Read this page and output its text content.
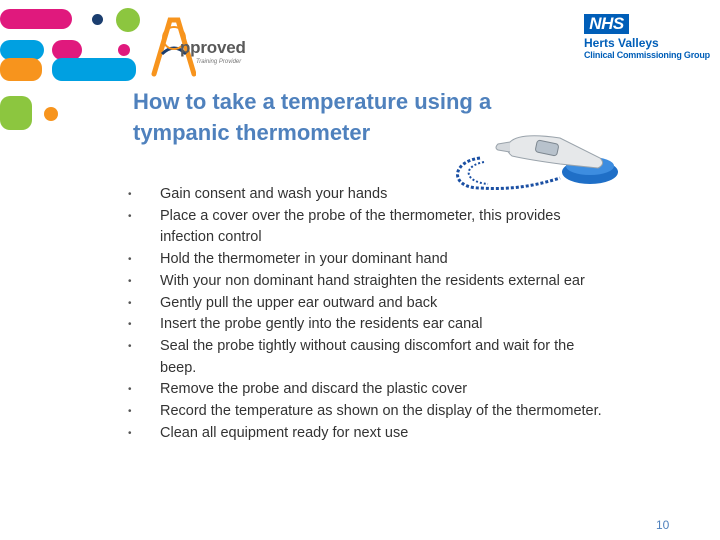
pproved
Training Provider
NHS
Herts Valleys
Clinical Commissioning Group
How to take a temperature using a tympanic thermometer
• Gain consent and wash your hands
• Place a cover over the probe of the thermometer, this provides infection control
• Hold the thermometer in your dominant hand
• With your non dominant hand straighten the residents external ear
• Gently pull the upper ear outward and back
• Insert the probe gently into the residents ear canal
• Seal the probe tightly without causing discomfort and wait for the beep.
• Remove the probe and discard the plastic cover
• Record the temperature as shown on the display of the thermometer.
• Clean all equipment ready for next use
10
